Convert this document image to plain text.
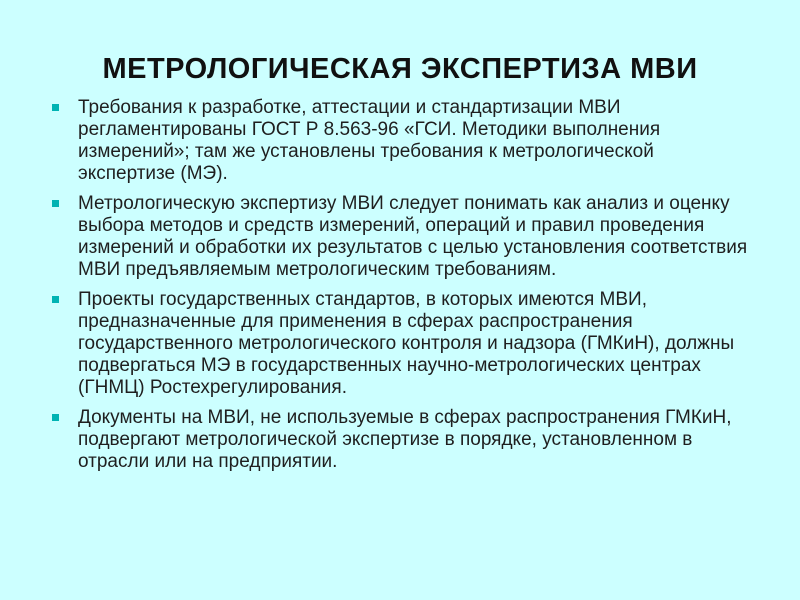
МЕТРОЛОГИЧЕСКАЯ ЭКСПЕРТИЗА МВИ
Требования к разработке, аттестации и стандартизации МВИ регламентированы ГОСТ Р 8.563-96 «ГСИ. Методики выполнения измерений»; там же установлены требования к метрологической экспертизе (МЭ).
Метрологическую экспертизу МВИ следует понимать как анализ и оценку выбора методов и средств измерений, операций и правил проведения измерений и обработки их результатов с целью установления соответствия МВИ предъявляемым метрологическим требованиям.
Проекты государственных стандартов, в которых имеются МВИ, предназначенные для применения в сферах распространения государственного метрологического контроля и надзора (ГМКиН), должны подвергаться МЭ в государственных научно-метрологических центрах (ГНМЦ) Ростехрегулирования.
Документы на МВИ, не используемые в сферах распространения ГМКиН, подвергают метрологической экспертизе в порядке, установленном в отрасли или на предприятии.
